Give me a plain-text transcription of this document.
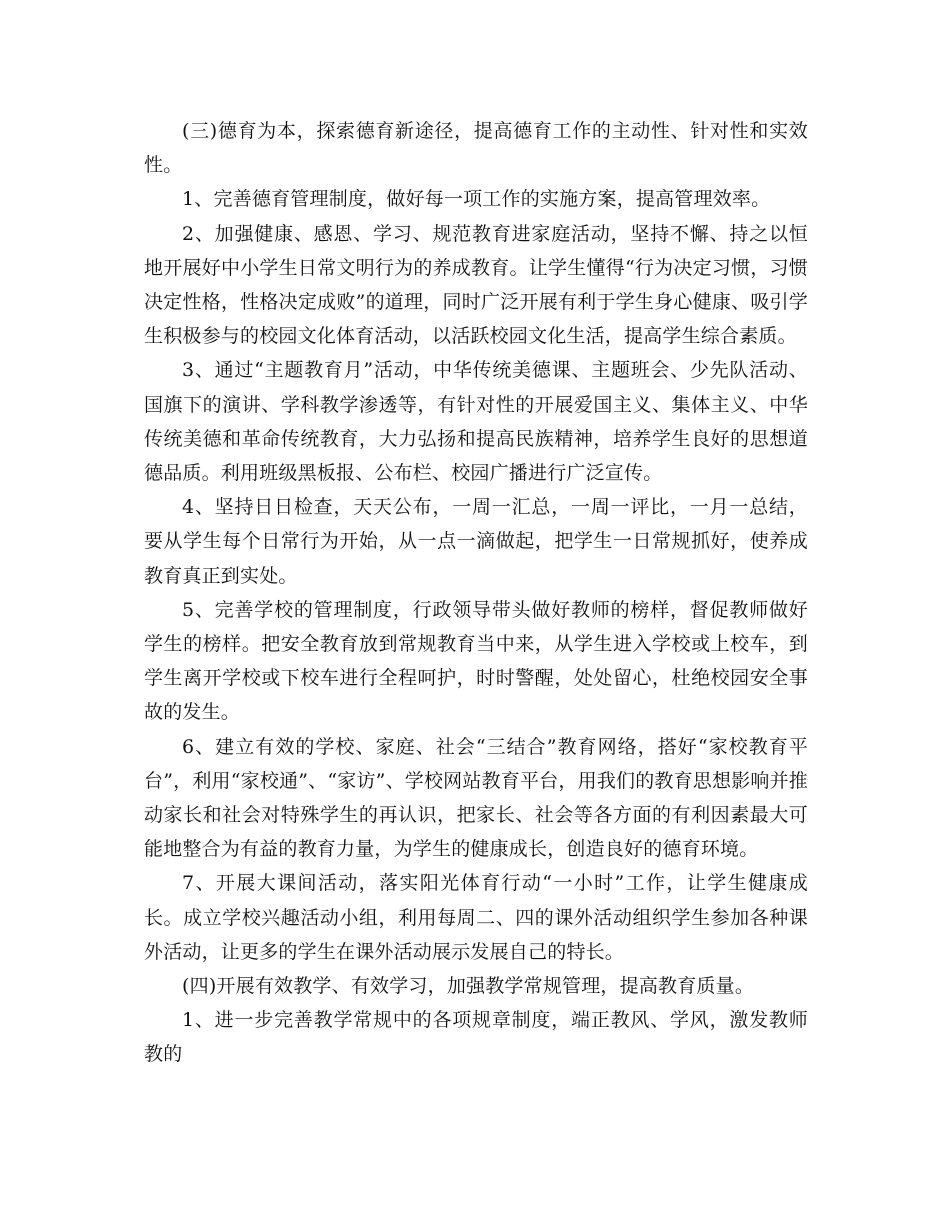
(三)德育为本，探索德育新途径，提高德育工作的主动性、针对性和实效性。

1、完善德育管理制度，做好每一项工作的实施方案，提高管理效率。

2、加强健康、感恩、学习、规范教育进家庭活动，坚持不懈、持之以恒地开展好中小学生日常文明行为的养成教育。让学生懂得“行为决定习惯，习惯决定性格，性格决定成败”的道理，同时广泛开展有利于学生身心健康、吸引学生积极参与的校园文化体育活动，以活跃校园文化生活，提高学生综合素质。

3、通过“主题教育月”活动，中华传统美德课、主题班会、少先队活动、国旗下的演讲、学科教学渗透等，有针对性的开展爱国主义、集体主义、中华传统美德和革命传统教育，大力弘扬和提高民族精神，培养学生良好的思想道德品质。利用班级黑板报、公布栏、校园广播进行广泛宣传。

4、坚持日日检查，天天公布，一周一汇总，一周一评比，一月一总结，要从学生每个日常行为开始，从一点一滴做起，把学生一日常规抓好，使养成教育真正到实处。

5、完善学校的管理制度，行政领导带头做好教师的榜样，督促教师做好学生的榜样。把安全教育放到常规教育当中来，从学生进入学校或上校车，到学生离开学校或下校车进行全程呵护，时时警醒，处处留心，杜绝校园安全事故的发生。

6、建立有效的学校、家庭、社会“三结合”教育网络，搭好“家校教育平台”，利用“家校通”、“家访”、学校网站教育平台，用我们的教育思想影响并推动家长和社会对特殊学生的再认识，把家长、社会等各方面的有利因素最大可能地整合为有益的教育力量，为学生的健康成长，创造良好的德育环境。

7、开展大课间活动，落实阳光体育行动“一小时”工作，让学生健康成长。成立学校兴趣活动小组，利用每周二、四的课外活动组织学生参加各种课外活动，让更多的学生在课外活动展示发展自己的特长。

(四)开展有效教学、有效学习，加强教学常规管理，提高教育质量。

1、进一步完善教学常规中的各项规章制度，端正教风、学风，激发教师教的
